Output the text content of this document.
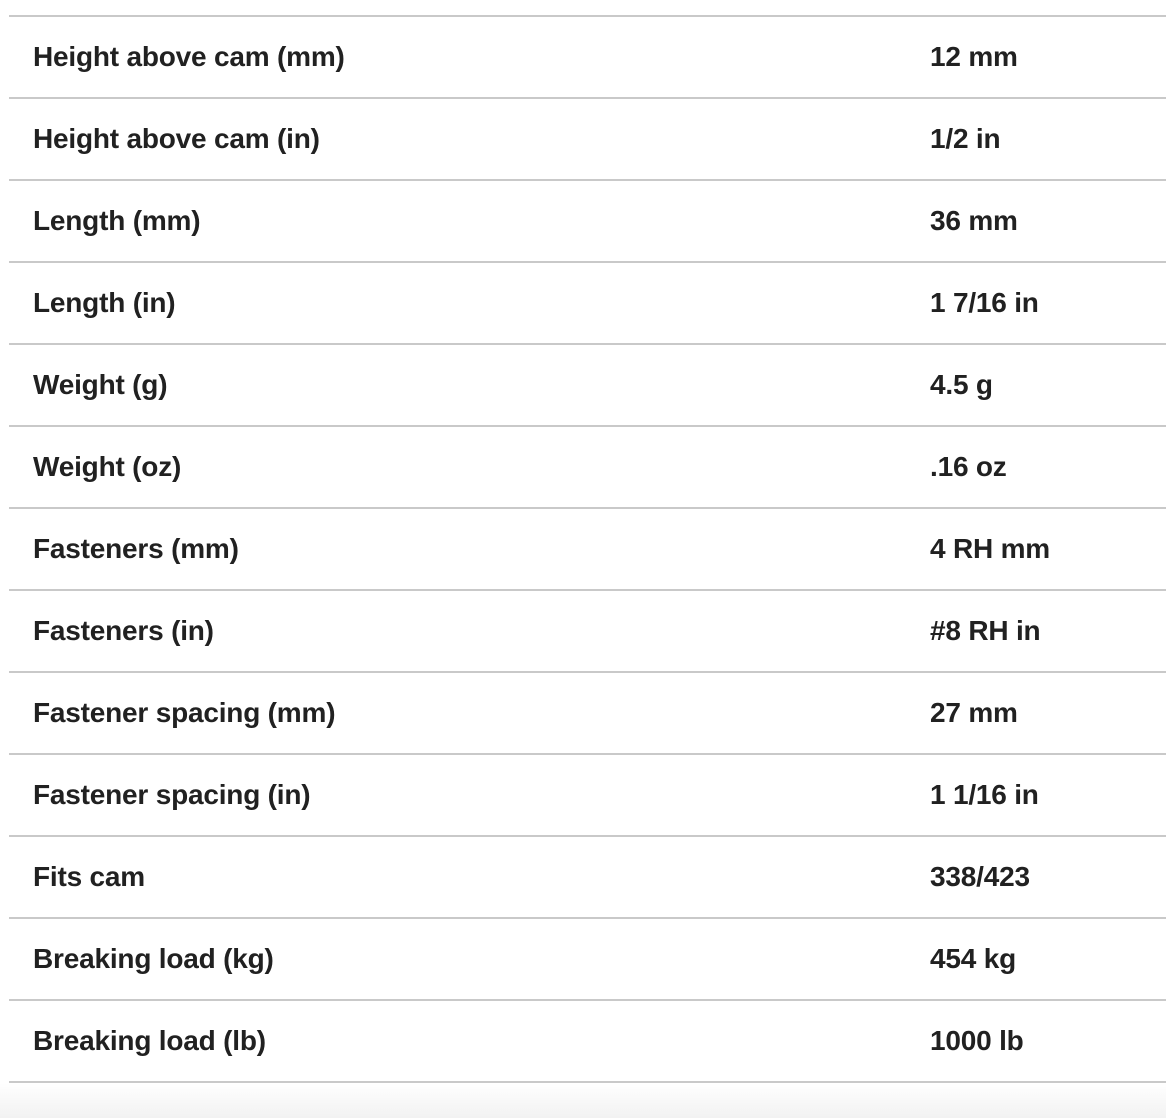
Height above cam (mm)	12 mm
Height above cam (in)	1/2 in
Length (mm)	36 mm
Length (in)	1 7/16 in
Weight (g)	4.5 g
Weight (oz)	.16 oz
Fasteners (mm)	4 RH mm
Fasteners (in)	#8 RH in
Fastener spacing (mm)	27 mm
Fastener spacing (in)	1 1/16 in
Fits cam	338/423
Breaking load (kg)	454 kg
Breaking load (lb)	1000 lb
